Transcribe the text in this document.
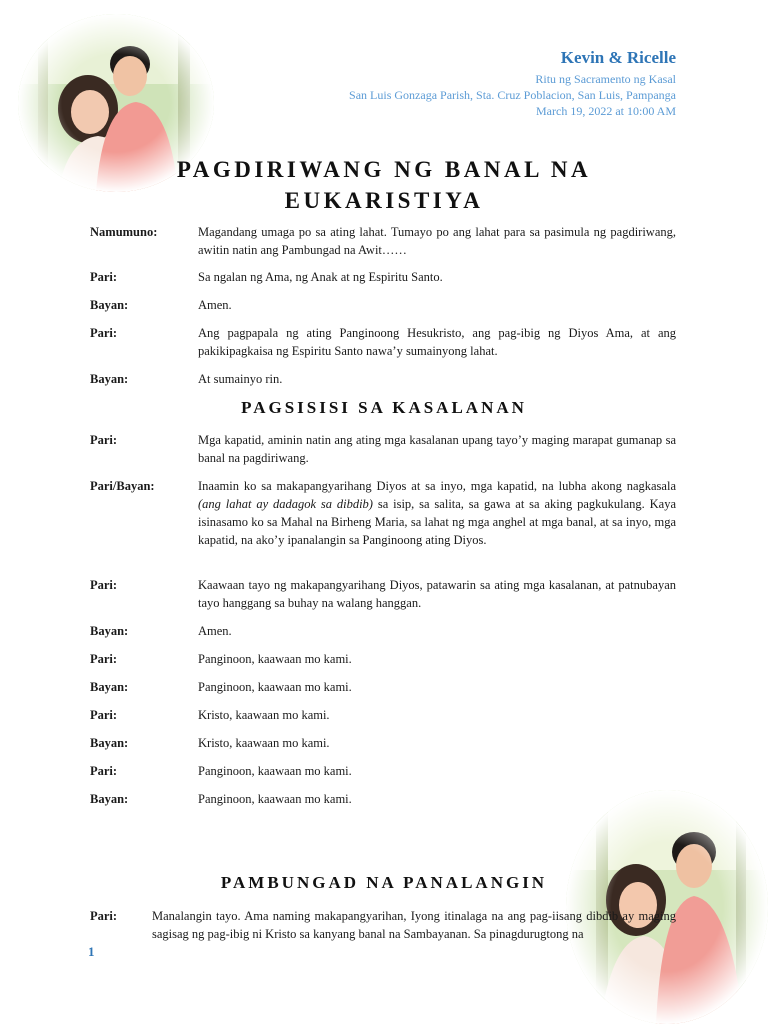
Kevin & Ricelle
Ritu ng Sacramento ng Kasal
San Luis Gonzaga Parish, Sta. Cruz Poblacion, San Luis, Pampanga
March 19, 2022 at 10:00 AM
PAGDIRIWANG NG BANAL NA
EUKARISTIYA
Namumuno:	Magandang umaga po sa ating lahat. Tumayo po ang lahat para sa pasimula ng pagdiriwang, awitin natin ang Pambungad na Awit……
Pari:	Sa ngalan ng Ama, ng Anak at ng Espiritu Santo.
Bayan:	Amen.
Pari:	Ang pagpapala ng ating Panginoong Hesukristo, ang pag-ibig ng Diyos Ama, at ang pakikipagkaisa ng Espiritu Santo nawa’y sumainyong lahat.
Bayan:	At sumainyo rin.
PAGSISISI SA KASALANAN
Pari:	Mga kapatid, aminin natin ang ating mga kasalanan upang tayo’y maging marapat gumanap sa banal na pagdiriwang.
Pari/Bayan:	Inaamin ko sa makapangyarihang Diyos at sa inyo, mga kapatid, na lubha akong nagkasala (ang lahat ay dadagok sa dibdib) sa isip, sa salita, sa gawa at sa aking pagkukulang. Kaya isinasamo ko sa Mahal na Birheng Maria, sa lahat ng mga anghel at mga banal, at sa inyo, mga kapatid, na ako’y ipanalangin sa Panginoong ating Diyos.
Pari:	Kaawaan tayo ng makapangyarihang Diyos, patawarin sa ating mga kasalanan, at patnubayan tayo hanggang sa buhay na walang hanggan.
Bayan:	Amen.
Pari:	Panginoon, kaawaan mo kami.
Bayan:	Panginoon, kaawaan mo kami.
Pari:	Kristo, kaawaan mo kami.
Bayan:	Kristo, kaawaan mo kami.
Pari:	Panginoon, kaawaan mo kami.
Bayan:	Panginoon, kaawaan mo kami.
PAMBUNGAD NA PANALANGIN
Pari:	Manalangin tayo. Ama naming makapangyarihan, Iyong itinalaga na ang pag-iisang dibdib ay maging sagisag ng pag-ibig ni Kristo sa kanyang banal na Sambayanan. Sa pinagdurugtong na
1
